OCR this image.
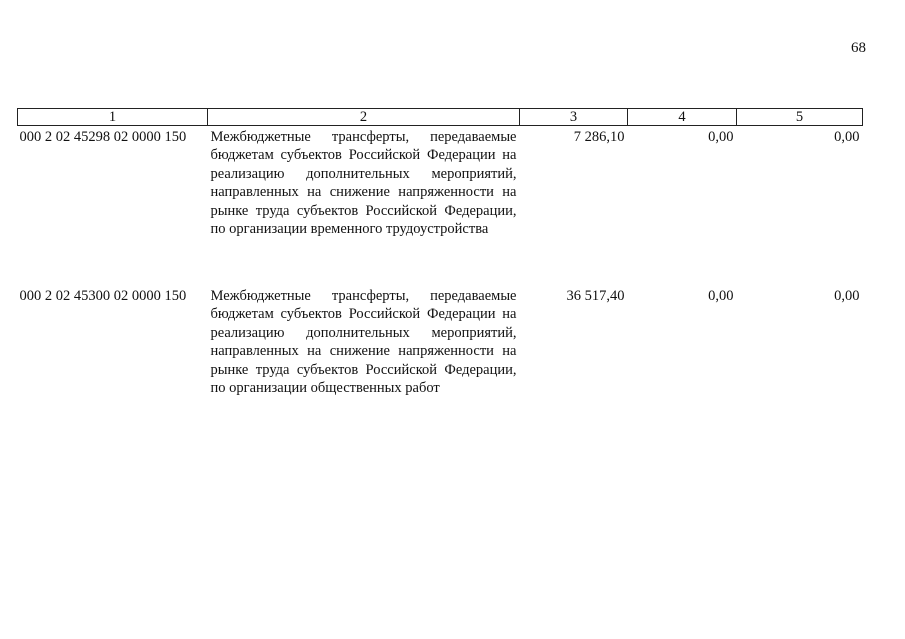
68
1	2	3	4	5
000 2 02 45298 02 0000 150	Межбюджетные трансферты, передаваемые бюджетам субъектов Российской Федерации на реализацию дополнительных мероприятий, направленных на снижение напряженности на рынке труда субъектов Российской Федерации, по организации временного трудоустройства	7 286,10	0,00	0,00
000 2 02 45300 02 0000 150	Межбюджетные трансферты, передаваемые бюджетам субъектов Российской Федерации на реализацию дополнительных мероприятий, направленных на снижение напряженности на рынке труда субъектов Российской Федерации, по организации общественных работ	36 517,40	0,00	0,00
